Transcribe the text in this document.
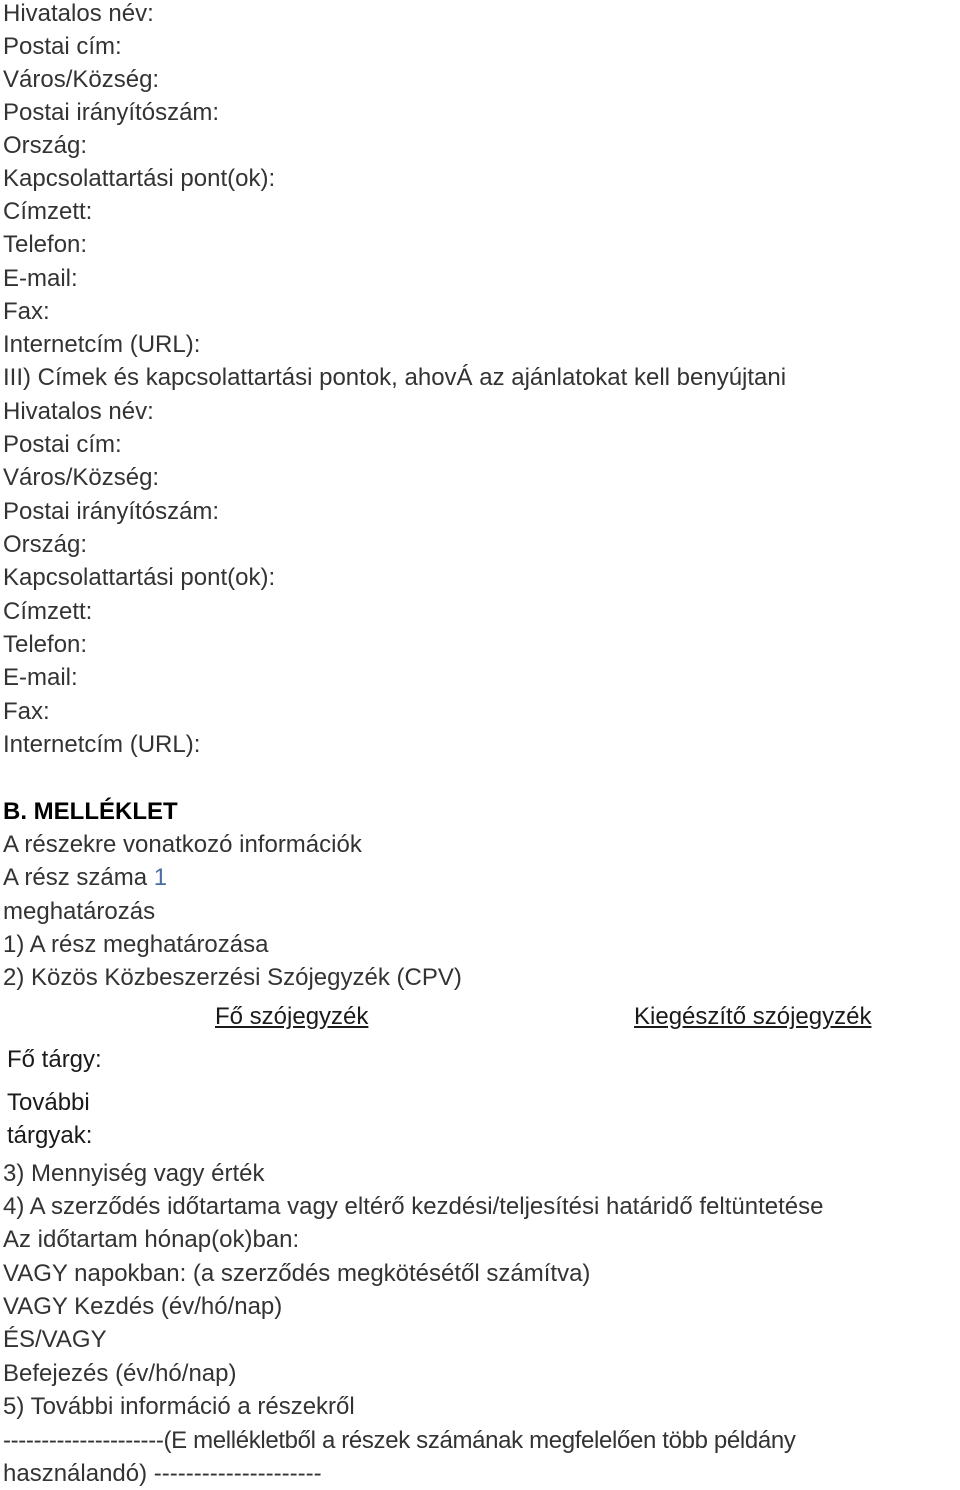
Hivatalos név:
Postai cím:
Város/Község:
Postai irányítószám:
Ország:
Kapcsolattartási pont(ok):
Címzett:
Telefon:
E-mail:
Fax:
Internetcím (URL):
III) Címek és kapcsolattartási pontok, ahovÁ az ajánlatokat kell benyújtani
Hivatalos név:
Postai cím:
Város/Község:
Postai irányítószám:
Ország:
Kapcsolattartási pont(ok):
Címzett:
Telefon:
E-mail:
Fax:
Internetcím (URL):
B. MELLÉKLET
A részekre vonatkozó információk
A rész száma 1
meghatározás
1) A rész meghatározása
2) Közös Közbeszerzési Szójegyzék (CPV)
Fő szójegyzék	Kiegészítő szójegyzék
Fő tárgy:
További
tárgyak:
3) Mennyiség vagy érték
4) A szerződés időtartama vagy eltérő kezdési/teljesítési határidő feltüntetése
Az időtartam hónap(ok)ban:
VAGY napokban: (a szerződés megkötésétől számítva)
VAGY Kezdés (év/hó/nap)
ÉS/VAGY
Befejezés (év/hó/nap)
5) További információ a részekről
---------------------(E mellékletből a részek számának megfelelően több példány
használandó) ---------------------
